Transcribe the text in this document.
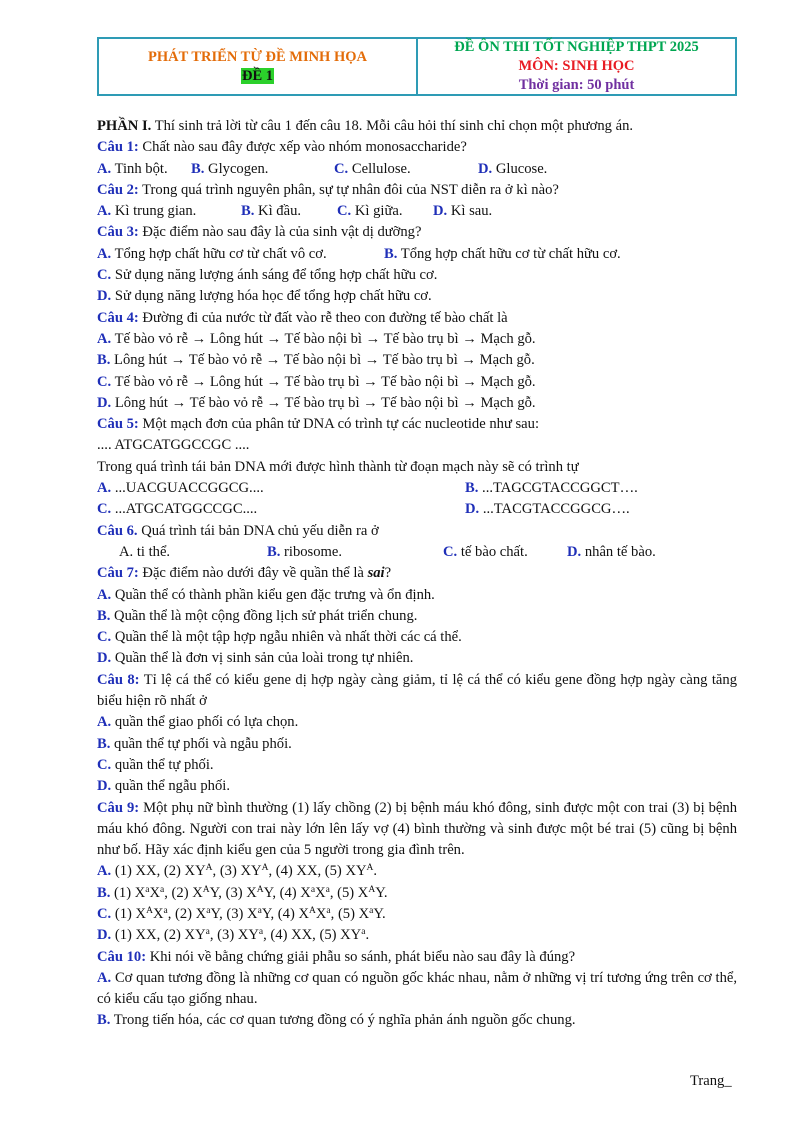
PHÁT TRIỂN TỪ ĐỀ MINH HỌA
ĐỀ 1
ĐỀ ÔN THI TỐT NGHIỆP THPT 2025
MÔN: SINH HỌC
Thời gian: 50 phút
PHẦN I. Thí sinh trả lời từ câu 1 đến câu 18. Mỗi câu hỏi thí sinh chỉ chọn một phương án.
Câu 1: Chất nào sau đây được xếp vào nhóm monosaccharide?
A. Tinh bột.	B. Glycogen.	C. Cellulose.	D. Glucose.
Câu 2: Trong quá trình nguyên phân, sự tự nhân đôi của NST diễn ra ở kì nào?
A. Kì trung gian.	B. Kì đầu.	C. Kì giữa.	D. Kì sau.
Câu 3: Đặc điểm nào sau đây là của sinh vật dị dưỡng?
A. Tổng hợp chất hữu cơ từ chất vô cơ.	B. Tổng hợp chất hữu cơ từ chất hữu cơ.
C. Sử dụng năng lượng ánh sáng để tổng hợp chất hữu cơ.
D. Sử dụng năng lượng hóa học để tổng hợp chất hữu cơ.
Câu 4: Đường đi của nước từ đất vào rễ theo con đường tế bào chất là
A. Tế bào vỏ rễ → Lông hút → Tế bào nội bì → Tế bào trụ bì → Mạch gỗ.
B. Lông hút → Tế bào vỏ rễ → Tế bào nội bì → Tế bào trụ bì → Mạch gỗ.
C. Tế bào vỏ rễ → Lông hút → Tế bào trụ bì → Tế bào nội bì → Mạch gỗ.
D. Lông hút → Tế bào vỏ rễ → Tế bào trụ bì → Tế bào nội bì → Mạch gỗ.
Câu 5: Một mạch đơn của phân tử DNA có trình tự các nucleotide như sau:
.... ATGCATGGCCGC ....
Trong quá trình tái bản DNA mới được hình thành từ đoạn mạch này sẽ có trình tự
A. ...UACGUACCGGCG....	B. ...TAGCGTACCGGCT….
C. ...ATGCATGGCCGC....	D. ...TACGTACCGGCG….
Câu 6. Quá trình tái bản DNA chủ yếu diễn ra ở
A. ti thể.	B. ribosome.	C. tế bào chất.	D. nhân tế bào.
Câu 7: Đặc điểm nào dưới đây về quần thể là sai?
A. Quần thể có thành phần kiểu gen đặc trưng và ổn định.
B. Quần thể là một cộng đồng lịch sử phát triển chung.
C. Quần thể là một tập hợp ngẫu nhiên và nhất thời các cá thể.
D. Quần thể là đơn vị sinh sản của loài trong tự nhiên.
Câu 8: Tỉ lệ cá thể có kiểu gene dị hợp ngày càng giảm, tỉ lệ cá thể có kiểu gene đồng hợp ngày càng tăng biểu hiện rõ nhất ở
A. quần thể giao phối có lựa chọn.
B. quần thể tự phối và ngẫu phối.
C. quần thể tự phối.
D. quần thể ngẫu phối.
Câu 9: Một phụ nữ bình thường (1) lấy chồng (2) bị bệnh máu khó đông, sinh được một con trai (3) bị bệnh máu khó đông. Người con trai này lớn lên lấy vợ (4) bình thường và sinh được một bé trai (5) cũng bị bệnh như bố. Hãy xác định kiểu gen của 5 người trong gia đình trên.
A. (1) XX, (2) $XY^A$, (3) $XY^A$, (4) XX, (5) $XY^A$.
B. (1) $X^aX^a$, (2) $X^AY$, (3) $X^AY$, (4) $X^aX^a$, (5) $X^AY$.
C. (1) $X^AX^a$, (2) $X^aY$, (3) $X^aY$, (4) $X^AX^a$, (5) $X^aY$.
D. (1) XX, (2) $XY^a$, (3) $XY^a$, (4) XX, (5) $XY^a$.
Câu 10: Khi nói về bằng chứng giải phẫu so sánh, phát biểu nào sau đây là đúng?
A. Cơ quan tương đồng là những cơ quan có nguồn gốc khác nhau, nằm ở những vị trí tương ứng trên cơ thể, có kiểu cấu tạo giống nhau.
B. Trong tiến hóa, các cơ quan tương đồng có ý nghĩa phản ánh nguồn gốc chung.
Trang_
